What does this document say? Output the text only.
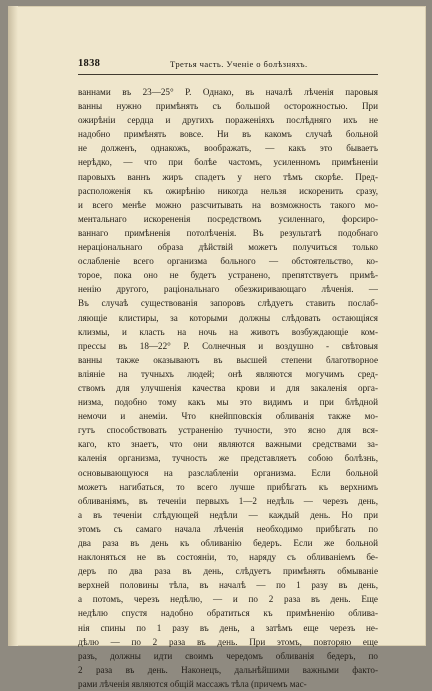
1838	Третья часть. Ученiе о болѣзняхъ.
ваннами въ 23—25° Р. Однако, въ началѣ лѣченiя паровыя
ванны нужно примѣнять съ большой осторожностью. При
ожирѣнiи сердца и другихъ пораженiяхъ послѣдняго ихъ не
надобно примѣнять вовсе. Ни въ какомъ случаѣ больной
не долженъ, однакожъ, воображать, — какъ это бываетъ
нерѣдко, — что при болѣе частомъ, усиленномъ примѣненiи
паровыхъ ваннъ жиръ спадетъ у него тѣмъ скорѣе. Пред-
расположенiя къ ожирѣнiю никогда нельзя искоренить сразу,
и всего менѣе можно разсчитывать на возможность такого мо-
ментальнаго искорененiя посредствомъ усиленнаго, форсиро-
ваннаго примѣненiя потолѣченiя. Въ результатѣ подобнаго
нерацiональнаго образа дѣйствiй можетъ получиться только
ослабленiе всего организма больного — обстоятельство, ко-
торое, пока оно не будетъ устранено, препятствуетъ примѣ-
ненiю другого, рацiональнаго обезжиривающаго лѣченiя. —
Въ случаѣ существованiя запоровъ слѣдуетъ ставить послаб-
ляющiе клистиры, за которыми должны слѣдовать остающiяся
клизмы, и класть на ночь на животъ возбуждающiе ком-
прессы въ 18—22° Р. Солнечныя и воздушно - свѣтовыя
ванны также оказываютъ въ высшей степени благотворное
влiянiе на тучныхъ людей; онѣ являются могучимъ сред-
ствомъ для улучшенiя качества крови и для закаленiя орга-
низма, подобно тому какъ мы это видимъ и при блѣдной
немочи и анемiи. Что кнейпповскiя обливанiя также мо-
гутъ способствовать устраненiю тучности, это ясно для вся-
каго, кто знаетъ, что они являются важными средствами за-
каленiя организма, тучность же представляетъ собою болѣзнь,
основывающуюся на разслабленiи организма. Если больной
можетъ нагибаться, то всего лучше прибѣгать къ верхнимъ
обливанiямъ, въ теченiи первыхъ 1—2 недѣль — черезъ день,
а въ теченiи слѣдующей недѣли — каждый день. Но при
этомъ съ самаго начала лѣченiя необходимо прибѣгать по
два раза въ день къ обливанiю бедеръ. Если же больной
наклоняться не въ состоянiи, то, наряду съ обливанiемъ бе-
деръ по два раза въ день, слѣдуетъ примѣнять обмыванiе
верхней половины тѣла, въ началѣ — по 1 разу въ день,
а потомъ, черезъ недѣлю, — и по 2 раза въ день. Еще
недѣлю спустя надобно обратиться къ примѣненiю облива-
нiя спины по 1 разу въ день, а затѣмъ еще черезъ не-
дѣлю — по 2 раза въ день. При этомъ, повторяю еще
разъ, должны идти своимъ чередомъ обливанiя бедеръ, по
2 раза въ день. Наконецъ, дальнѣйшими важными факто-
рами лѣченiя являются общiй массажъ тѣла (причемъ мас-
